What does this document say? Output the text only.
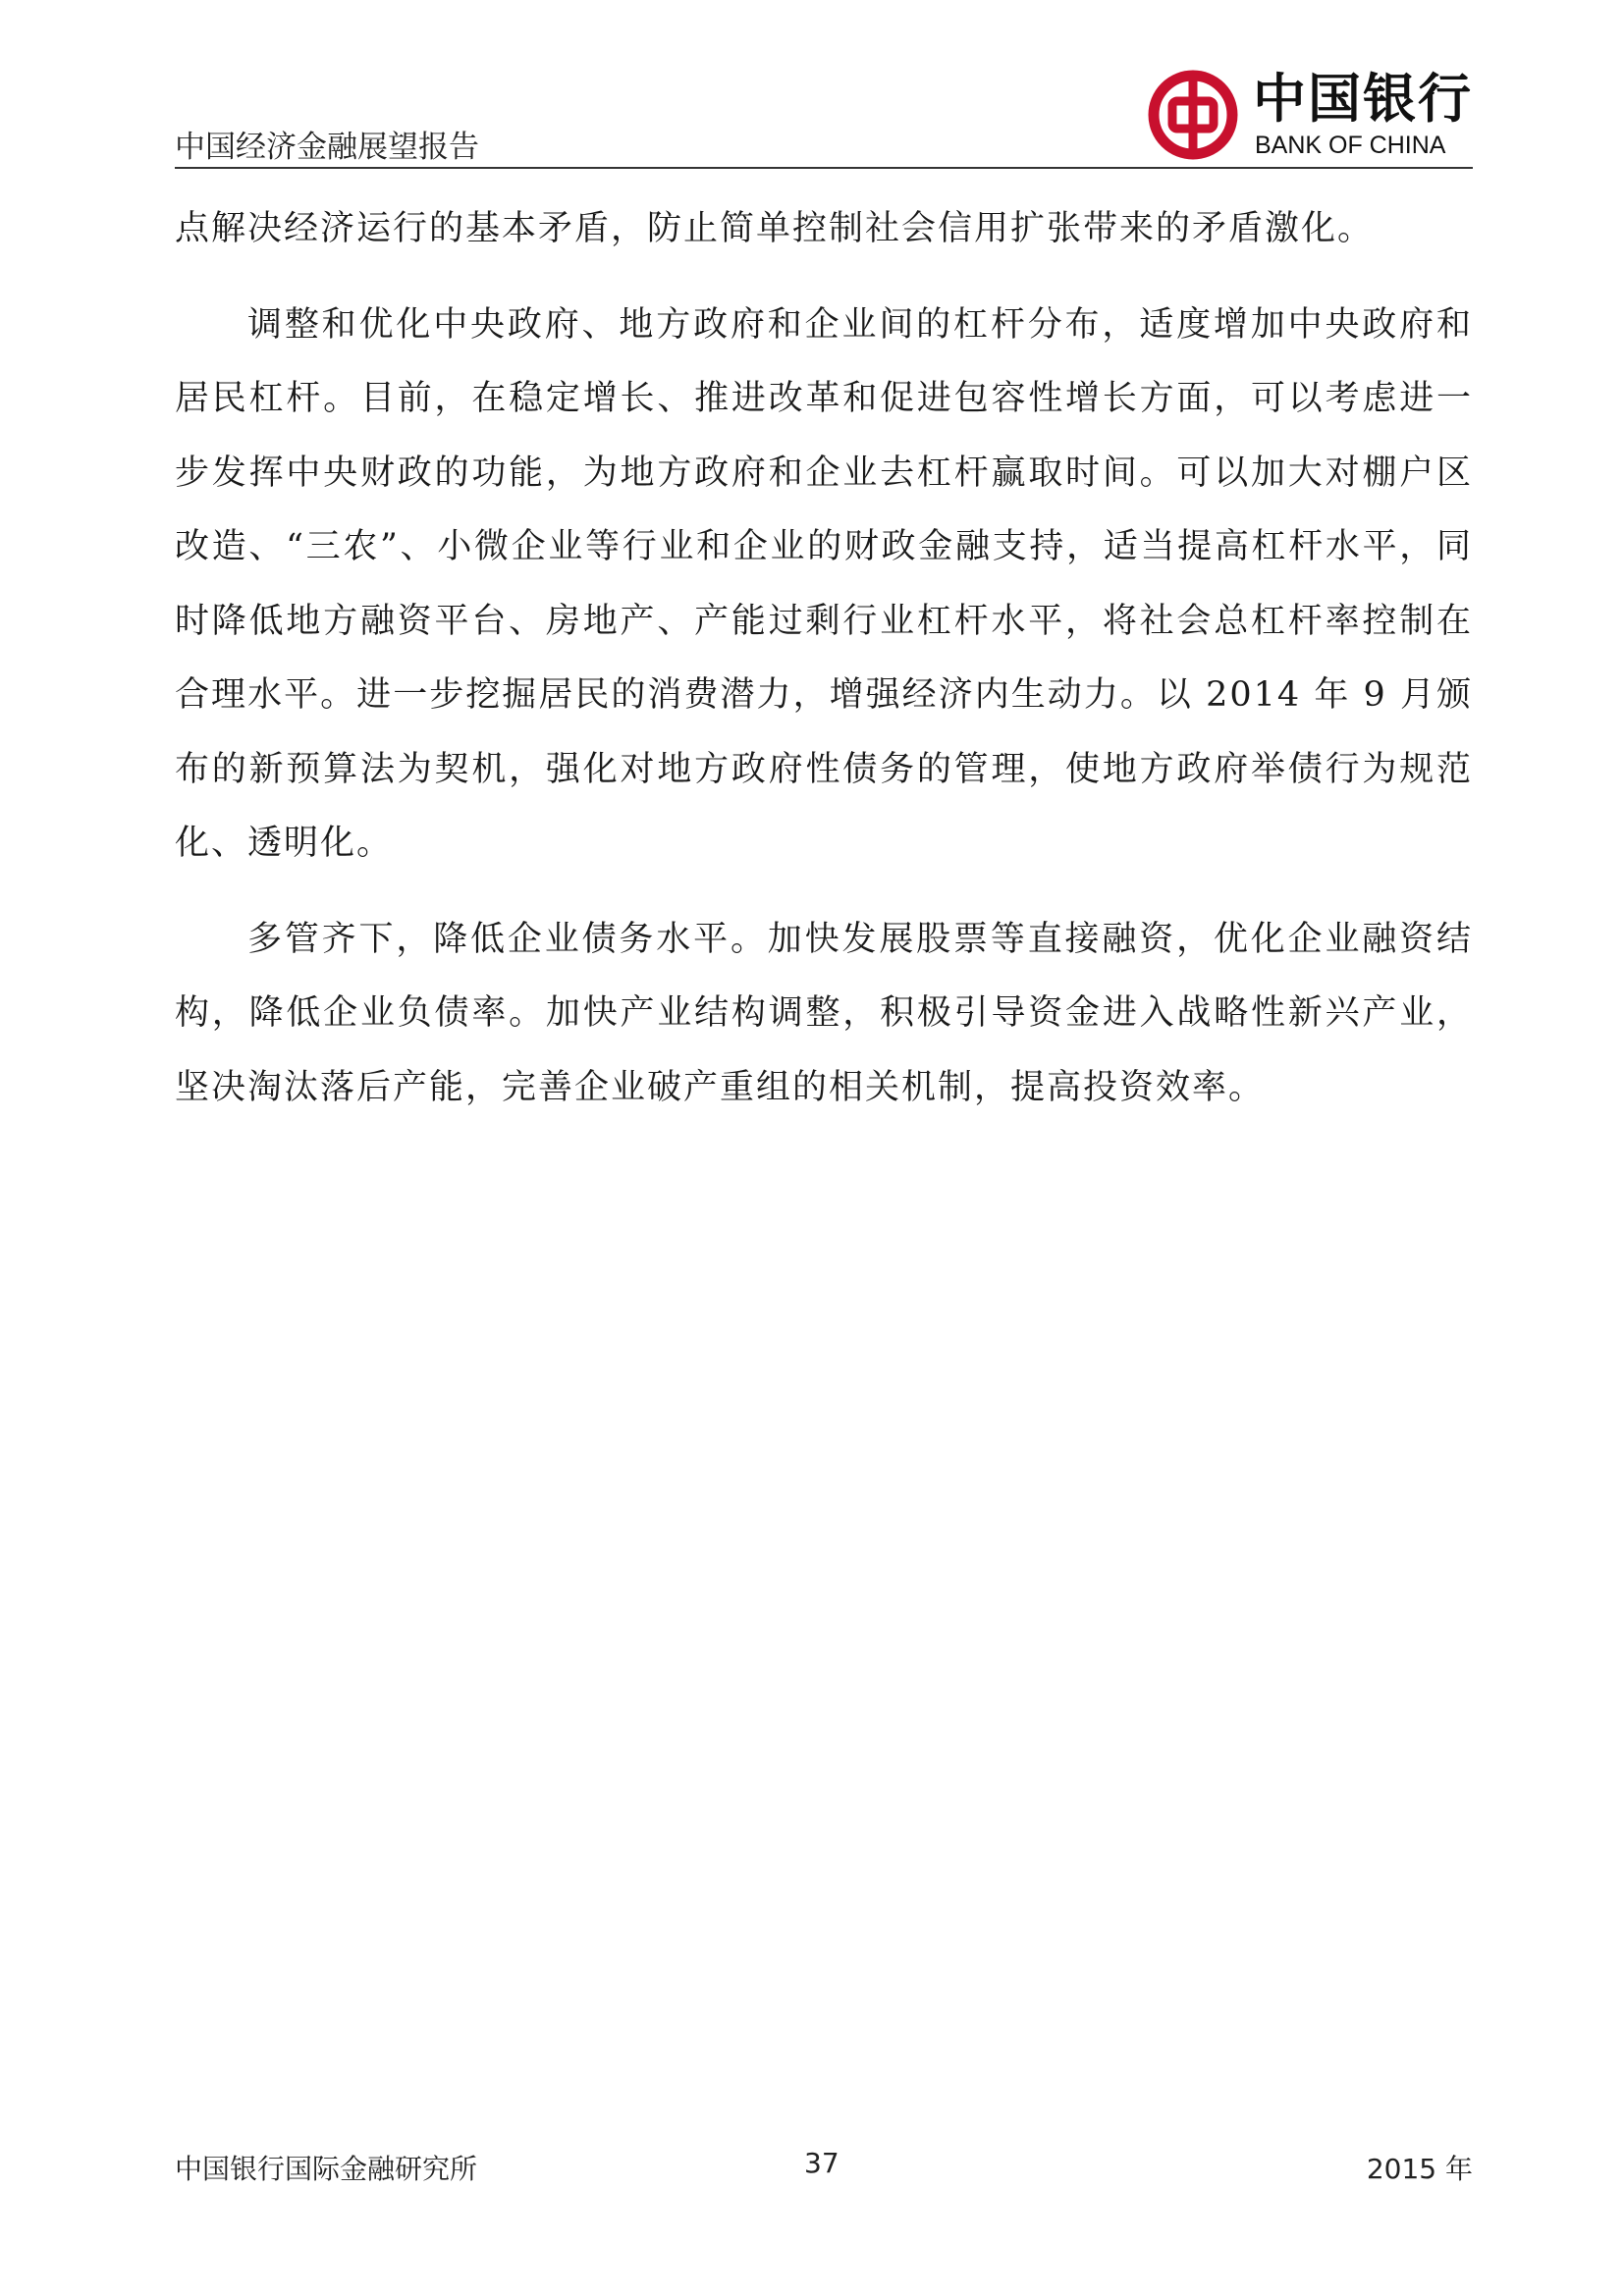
中国经济金融展望报告
中国银行
BANK OF CHINA

点解决经济运行的基本矛盾，防止简单控制社会信用扩张带来的矛盾激化。

调整和优化中央政府、地方政府和企业间的杠杆分布，适度增加中央政府和居民杠杆。目前，在稳定增长、推进改革和促进包容性增长方面，可以考虑进一步发挥中央财政的功能，为地方政府和企业去杠杆赢取时间。可以加大对棚户区改造、“三农”、小微企业等行业和企业的财政金融支持，适当提高杠杆水平，同时降低地方融资平台、房地产、产能过剩行业杠杆水平，将社会总杠杆率控制在合理水平。进一步挖掘居民的消费潜力，增强经济内生动力。以 2014 年 9 月颁布的新预算法为契机，强化对地方政府性债务的管理，使地方政府举债行为规范化、透明化。

多管齐下，降低企业债务水平。加快发展股票等直接融资，优化企业融资结构，降低企业负债率。加快产业结构调整，积极引导资金进入战略性新兴产业，坚决淘汰落后产能，完善企业破产重组的相关机制，提高投资效率。

中国银行国际金融研究所	37	2015 年
